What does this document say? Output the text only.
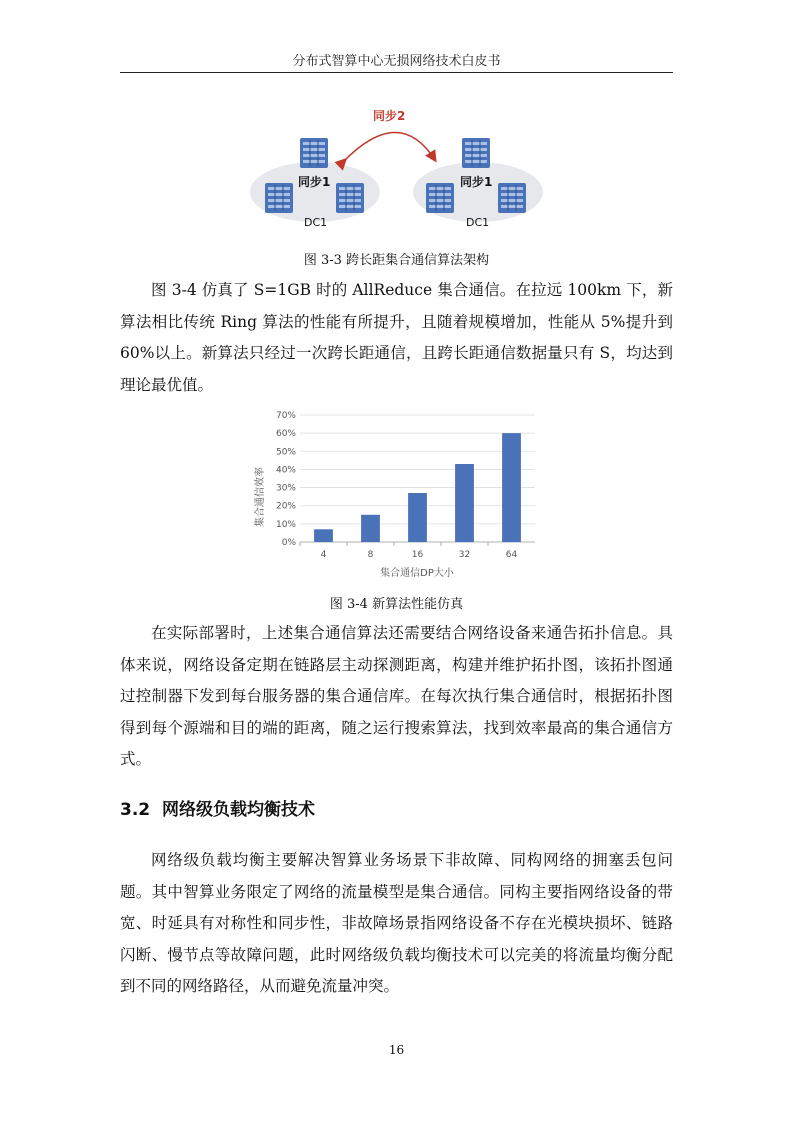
分布式智算中心无损网络技术白皮书
同步2
同步1
DC1
同步1
DC1
图 3-3 跨长距集合通信算法架构

图 3-4 仿真了 S=1GB 时的 AllReduce 集合通信。在拉远 100km 下，新算法相比传统 Ring 算法的性能有所提升，且随着规模增加，性能从 5%提升到 60%以上。新算法只经过一次跨长距通信，且跨长距通信数据量只有 S，均达到理论最优值。

0%
10%
20%
30%
40%
50%
60%
70%
4	8	16	32	64
集合通信效率
集合通信DP大小
图 3-4 新算法性能仿真

在实际部署时，上述集合通信算法还需要结合网络设备来通告拓扑信息。具体来说，网络设备定期在链路层主动探测距离，构建并维护拓扑图，该拓扑图通过控制器下发到每台服务器的集合通信库。在每次执行集合通信时，根据拓扑图得到每个源端和目的端的距离，随之运行搜索算法，找到效率最高的集合通信方式。

3.2 网络级负载均衡技术

网络级负载均衡主要解决智算业务场景下非故障、同构网络的拥塞丢包问题。其中智算业务限定了网络的流量模型是集合通信。同构主要指网络设备的带宽、时延具有对称性和同步性，非故障场景指网络设备不存在光模块损坏、链路闪断、慢节点等故障问题，此时网络级负载均衡技术可以完美的将流量均衡分配到不同的网络路径，从而避免流量冲突。

16
